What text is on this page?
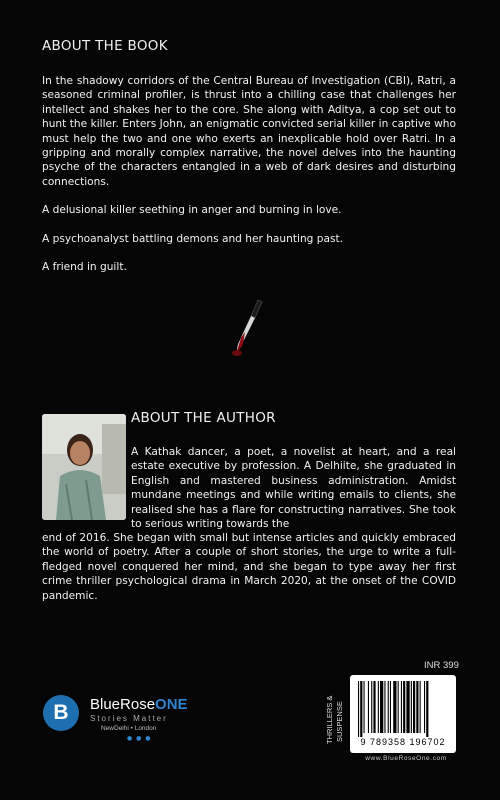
ABOUT THE BOOK

In the shadowy corridors of the Central Bureau of Investigation (CBI), Ratri, a seasoned criminal profiler, is thrust into a chilling case that challenges her intellect and shakes her to the core. She along with Aditya, a cop set out to hunt the killer. Enters John, an enigmatic convicted serial killer in captive who must help the two and one who exerts an inexplicable hold over Ratri. In a gripping and morally complex narrative, the novel delves into the haunting psyche of the characters entangled in a web of dark desires and disturbing connections.

A delusional killer seething in anger and burning in love.

A psychoanalyst battling demons and her haunting past.

A friend in guilt.

ABOUT THE AUTHOR
A Kathak dancer, a poet, a novelist at heart, and a real estate executive by profession. A Delhiite, she graduated in English and mastered business administration. Amidst mundane meetings and while writing emails to clients, she realised she has a flare for constructing narratives. She took to serious writing towards the
end of 2016. She began with small but intense articles and quickly embraced the world of poetry. After a couple of short stories, the urge to write a full-fledged novel conquered her mind, and she began to type away her first crime thriller psychological drama in March 2020, at the onset of the COVID pandemic.
B	BlueRoseONE
Stories Matter
NewDelhi • London
● ● ●
INR 399
THRILLERS & SUSPENSE	9 789358 196702
www.BlueRoseOne.com
